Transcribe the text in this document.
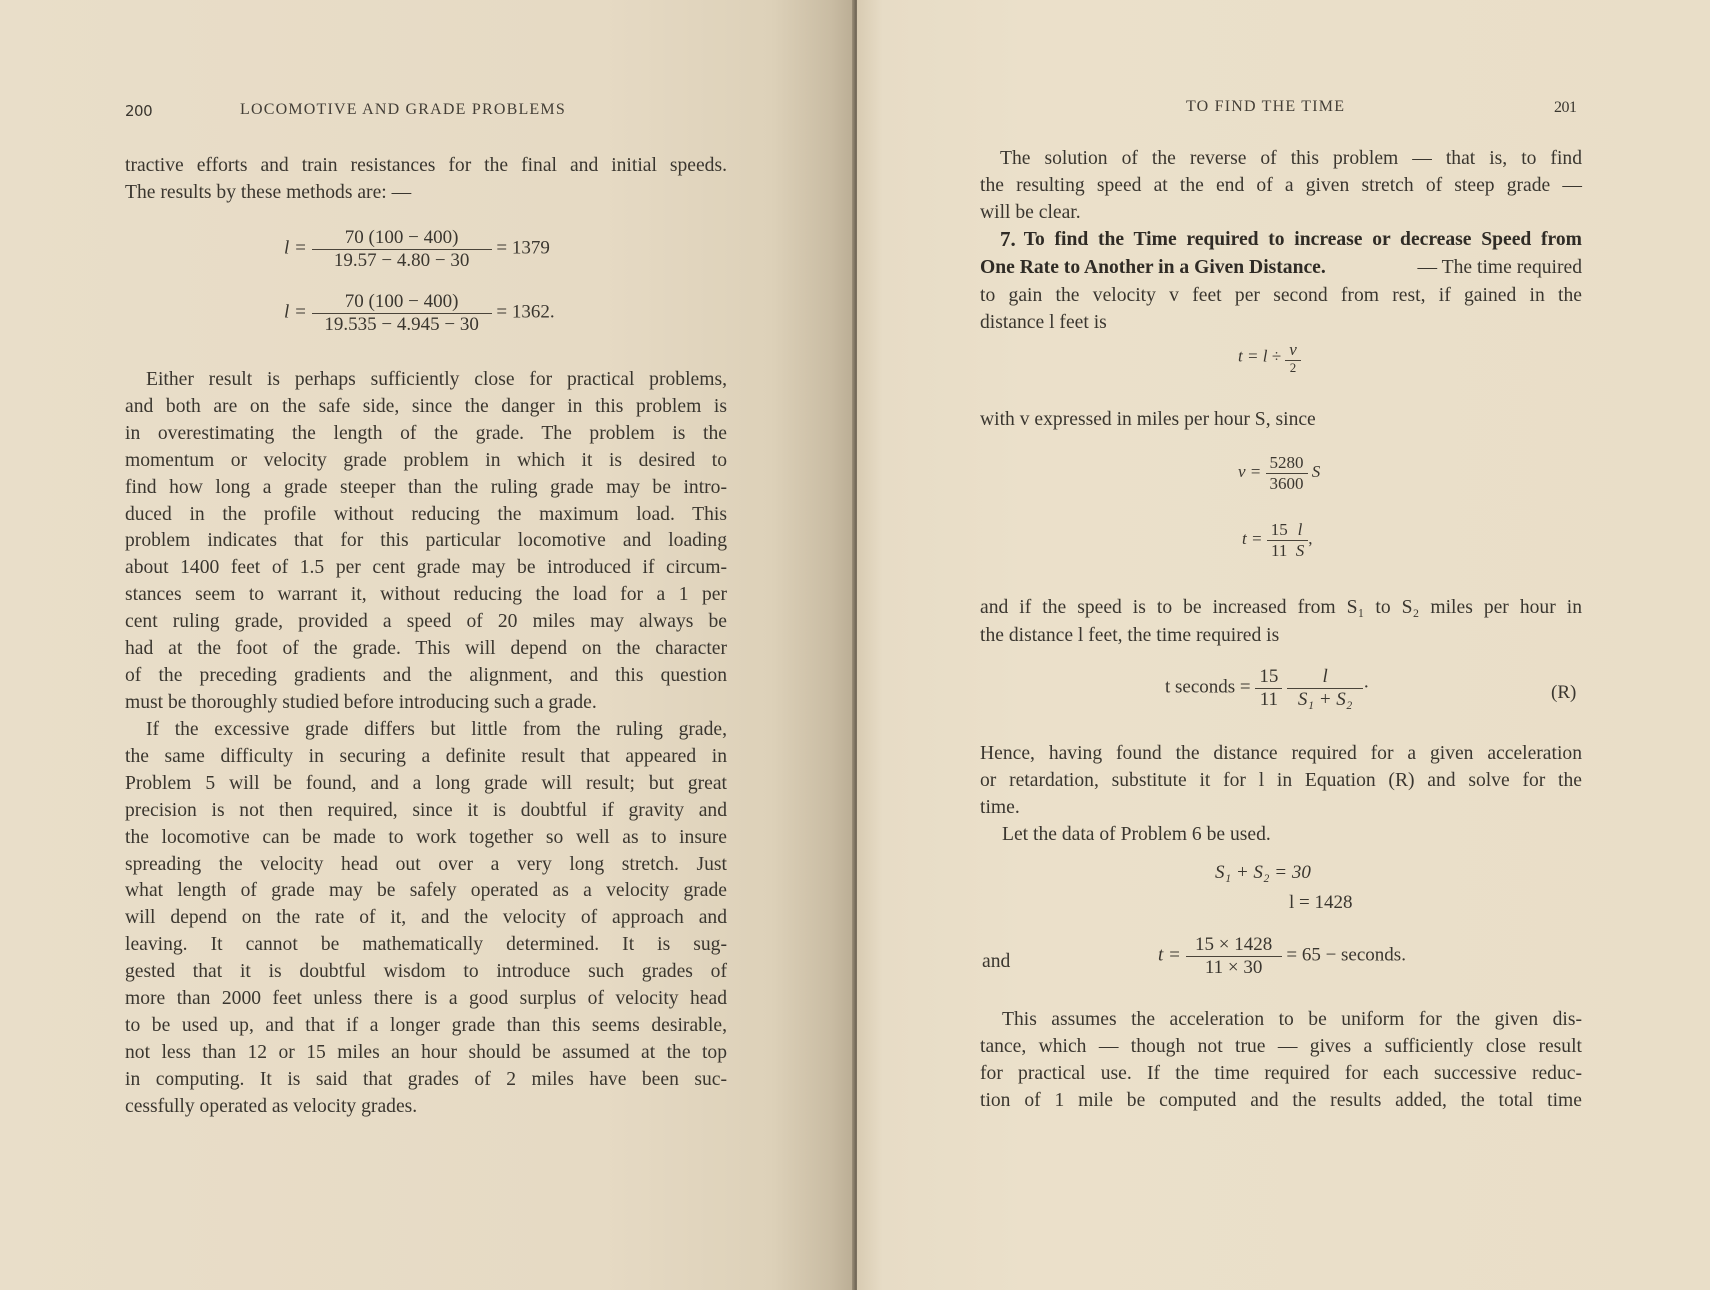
200	LOCOMOTIVE AND GRADE PROBLEMS
tractive efforts and train resistances for the final and initial speeds.
The results by these methods are: —
$l = \frac{70 (100 - 400)}{19.57 - 4.80 - 30} = 1379$
$l = \frac{70 (100 - 400)}{19.535 - 4.945 - 30} = 1362$.
Either result is perhaps sufficiently close for practical problems,
and both are on the safe side, since the danger in this problem is
in overestimating the length of the grade. The problem is the
momentum or velocity grade problem in which it is desired to
find how long a grade steeper than the ruling grade may be intro-
duced in the profile without reducing the maximum load. This
problem indicates that for this particular locomotive and loading
about 1400 feet of 1.5 per cent grade may be introduced if circum-
stances seem to warrant it, without reducing the load for a 1 per
cent ruling grade, provided a speed of 20 miles may always be
had at the foot of the grade. This will depend on the character
of the preceding gradients and the alignment, and this question
must be thoroughly studied before introducing such a grade.
If the excessive grade differs but little from the ruling grade,
the same difficulty in securing a definite result that appeared in
Problem 5 will be found, and a long grade will result; but great
precision is not then required, since it is doubtful if gravity and
the locomotive can be made to work together so well as to insure
spreading the velocity head out over a very long stretch. Just
what length of grade may be safely operated as a velocity grade
will depend on the rate of it, and the velocity of approach and
leaving. It cannot be mathematically determined. It is sug-
gested that it is doubtful wisdom to introduce such grades of
more than 2000 feet unless there is a good surplus of velocity head
to be used up, and that if a longer grade than this seems desirable,
not less than 12 or 15 miles an hour should be assumed at the top
in computing. It is said that grades of 2 miles have been suc-
cessfully operated as velocity grades.
TO FIND THE TIME	201
The solution of the reverse of this problem — that is, to find
the resulting speed at the end of a given stretch of steep grade —
will be clear.
7. To find the Time required to increase or decrease Speed from
One Rate to Another in a Given Distance.	— The time required
to gain the velocity v feet per second from rest, if gained in the
distance l feet is
$t = l \div \frac{v}{2}$
with v expressed in miles per hour S, since
$v = \frac{5280}{3600}$ S
$t = \frac{15}{11} \frac{l}{S}$ ,
and if the speed is to be increased from S₁ to S₂ miles per hour in
the distance l feet, the time required is
t seconds = $\frac{15}{11}$
$\frac{l}{\text{S₁ + S₂}}$ ·	(R)
Hence, having found the distance required for a given acceleration
or retardation, substitute it for l in Equation (R) and solve for the
time.
Let the data of Problem 6 be used.
S₁ + S₂ = 30
l = 1428
and	$t = \frac{15 \times 1428}{11 \times 30} = 65$ − seconds.
This assumes the acceleration to be uniform for the given dis-
tance, which — though not true — gives a sufficiently close result
for practical use. If the time required for each successive reduc-
tion of 1 mile be computed and the results added, the total time
